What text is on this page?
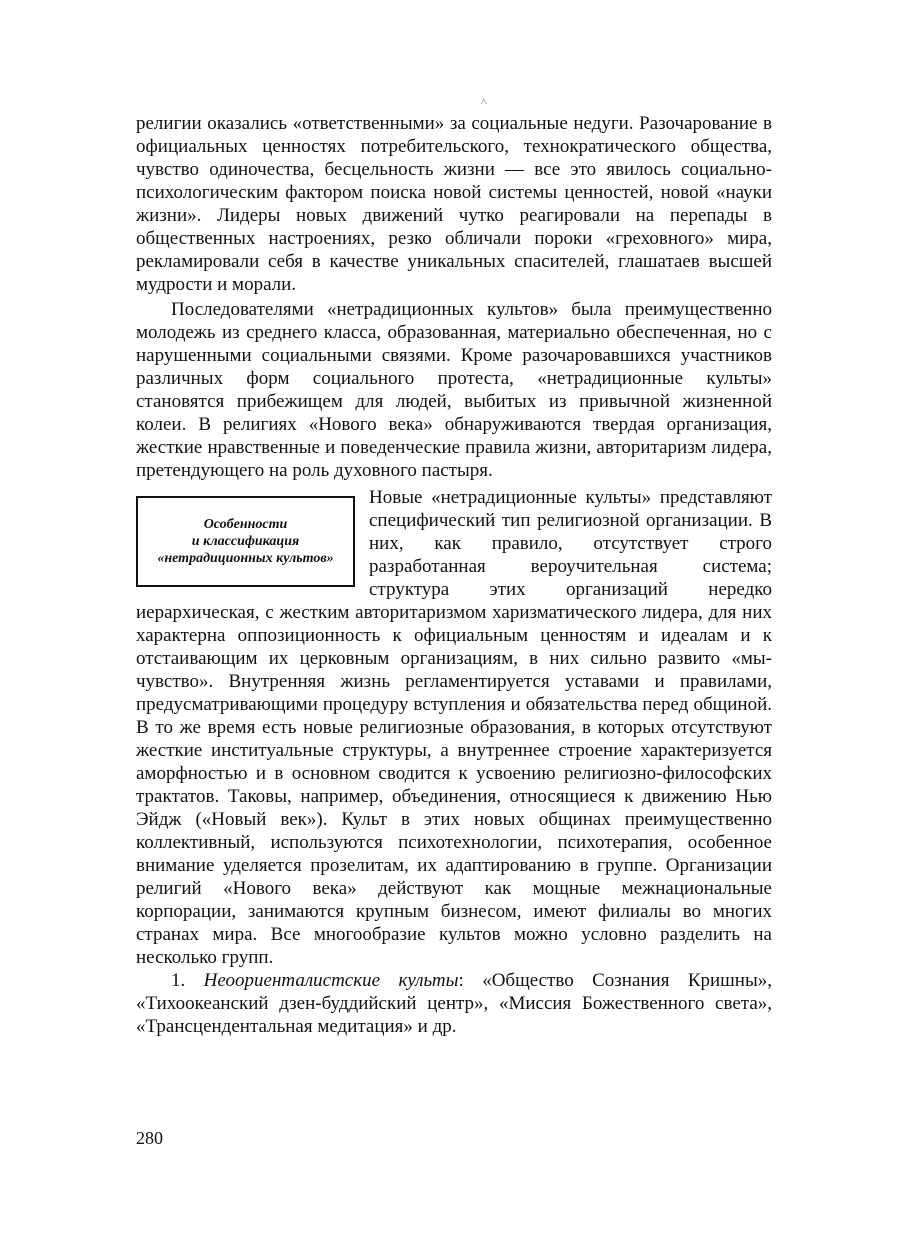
^

религии оказались «ответственными» за социальные недуги. Разочарование в официальных ценностях потребительского, технократического общества, чувство одиночества, бесцельность жизни — все это явилось социально-психологическим фактором поиска новой системы ценностей, новой «науки жизни». Лидеры новых движений чутко реагировали на перепады в общественных настроениях, резко обличали пороки «греховного» мира, рекламировали себя в качестве уникальных спасителей, глашатаев высшей мудрости и морали.

Последователями «нетрадиционных культов» была преимущественно молодежь из среднего класса, образованная, материально обеспеченная, но с нарушенными социальными связями. Кроме разочаровавшихся участников различных форм социального протеста, «нетрадиционные культы» становятся прибежищем для людей, выбитых из привычной жизненной колеи. В религиях «Нового века» обнаруживаются твердая организация, жесткие нравственные и поведенческие правила жизни, авторитаризм лидера, претендующего на роль духовного пастыря.

Особенности
и классификация
«нетрадиционных культов»

Новые «нетрадиционные культы» представляют специфический тип религиозной организации. В них, как правило, отсутствует строго разработанная вероучительная система; структура этих организаций нередко иерархическая, с жестким авторитаризмом харизматического лидера, для них характерна оппозиционность к официальным ценностям и идеалам и к отстаивающим их церковным организациям, в них сильно развито «мы-чувство». Внутренняя жизнь регламентируется уставами и правилами, предусматривающими процедуру вступления и обязательства перед общиной. В то же время есть новые религиозные образования, в которых отсутствуют жесткие институальные структуры, а внутреннее строение характеризуется аморфностью и в основном сводится к усвоению религиозно-философских трактатов. Таковы, например, объединения, относящиеся к движению Нью Эйдж («Новый век»). Культ в этих новых общинах преимущественно коллективный, используются психотехнологии, психотерапия, особенное внимание уделяется прозелитам, их адаптированию в группе. Организации религий «Нового века» действуют как мощные межнациональные корпорации, занимаются крупным бизнесом, имеют филиалы во многих странах мира. Все многообразие культов можно условно разделить на несколько групп.

1. Неоориенталистские культы: «Общество Сознания Кришны», «Тихоокеанский дзен-буддийский центр», «Миссия Божественного света», «Трансцендентальная медитация» и др.

280
